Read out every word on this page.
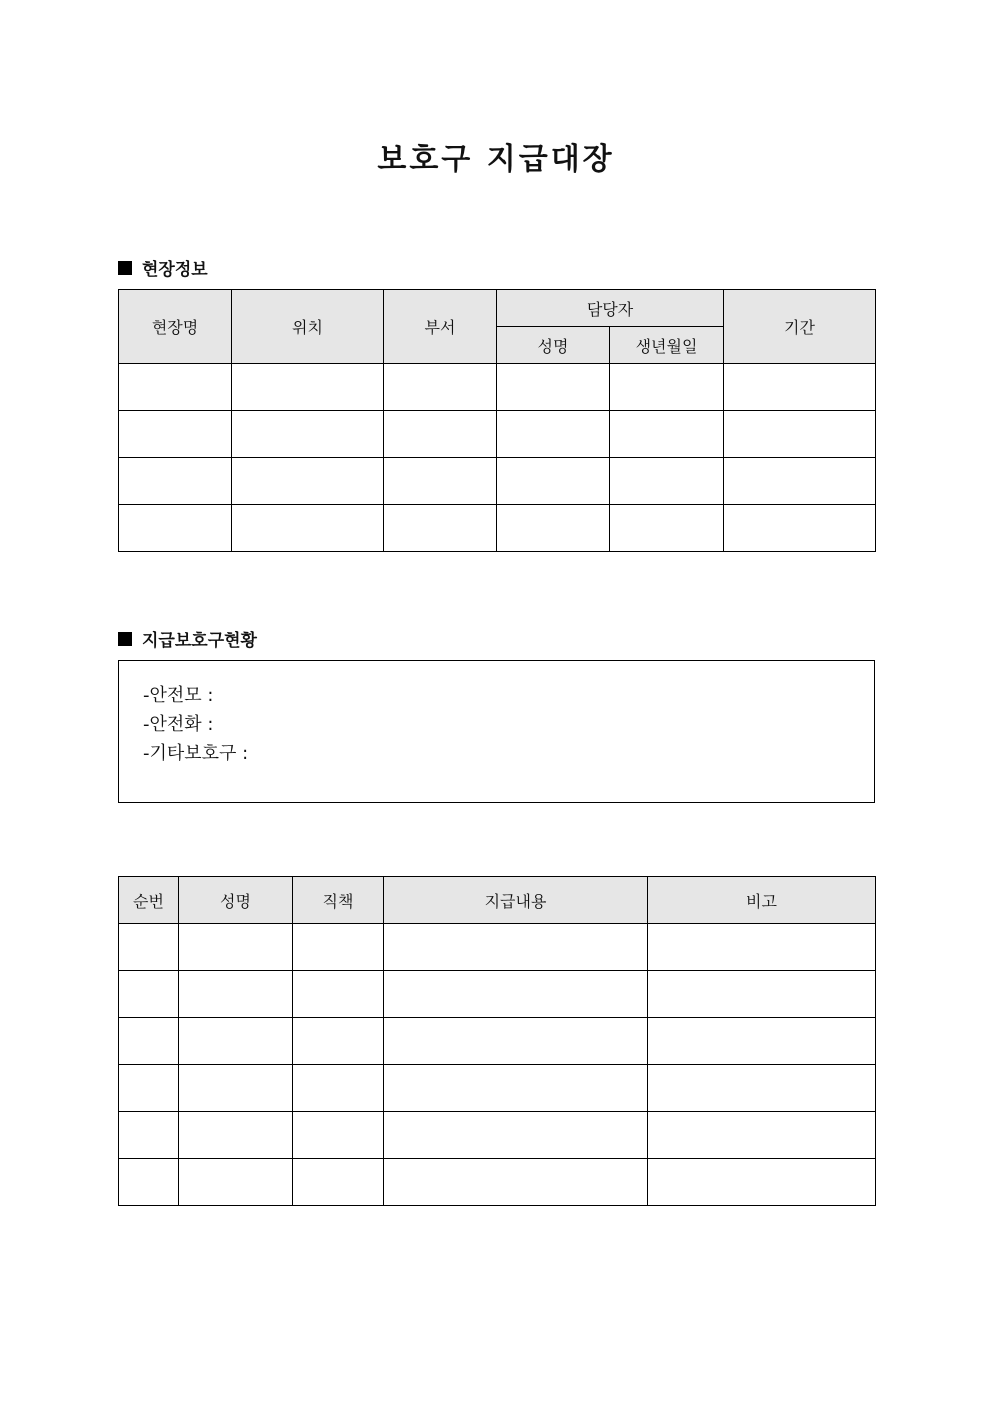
보호구 지급대장
현장정보
현장명	위치	부서	담당자		기간
			성명	생년월일	

지급보호구현황
-안전모 :
-안전화 :
-기타보호구 :
순번	성명	직책	지급내용	비고
